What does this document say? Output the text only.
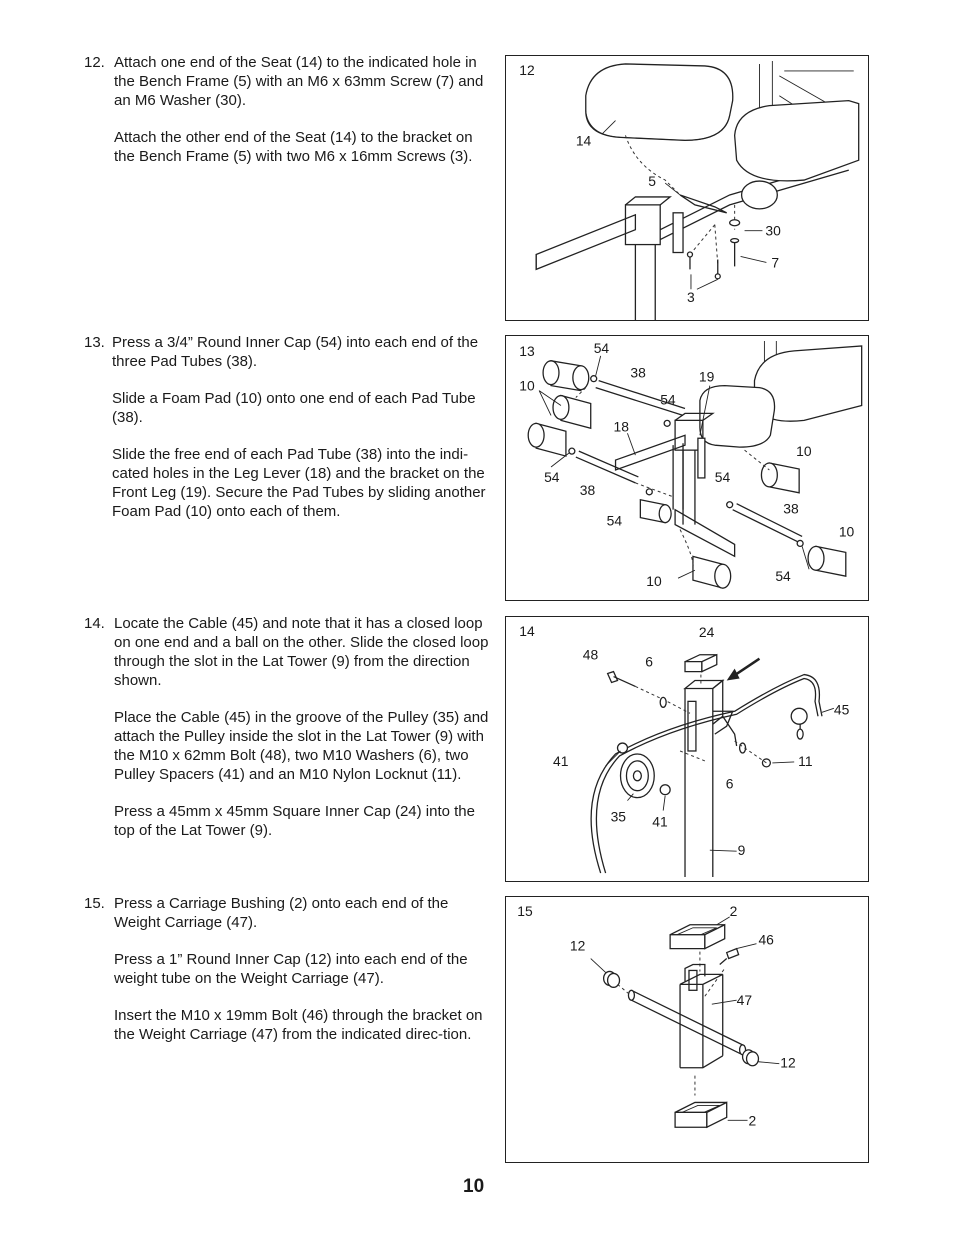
12. Attach one end of the Seat (14) to the indicated hole in the Bench Frame (5) with an M6 x 63mm Screw (7) and an M6 Washer (30).

Attach the other end of the Seat (14) to the bracket on the Bench Frame (5) with two M6 x 16mm Screws (3).

12
14
5
30
7
3
13. Press a 3/4” Round Inner Cap (54) into each end of the three Pad Tubes (38).

Slide a Foam Pad (10) onto one end of each Pad Tube (38).

Slide the free end of each Pad Tube (38) into the indi-cated holes in the Leg Lever (18) and the bracket on the Front Leg (19). Secure the Pad Tubes by sliding another Foam Pad (10) onto each of them.

13	54
38	19
10
54
18
54
10
38
54
38
54
10
10	54
14. Locate the Cable (45) and note that it has a closed loop on one end and a ball on the other. Slide the closed loop through the slot in the Lat Tower (9) from the direction shown.

Place the Cable (45) in the groove of the Pulley (35) and attach the Pulley inside the slot in the Lat Tower (9) with the M10 x 62mm Bolt (48), two M10 Washers (6), two Pulley Spacers (41) and an M10 Nylon Locknut (11).

Press a 45mm x 45mm Square Inner Cap (24) into the top of the Lat Tower (9).

14	24
48	6
45
41	11
6
35 41
9
15. Press a Carriage Bushing (2) onto each end of the Weight Carriage (47).

Press a 1” Round Inner Cap (12) into each end of the weight tube on the Weight Carriage (47).

Insert the M10 x 19mm Bolt (46) through the bracket on the Weight Carriage (47) from the indicated direc-tion.

15	2
46
12
47
12
2
10
